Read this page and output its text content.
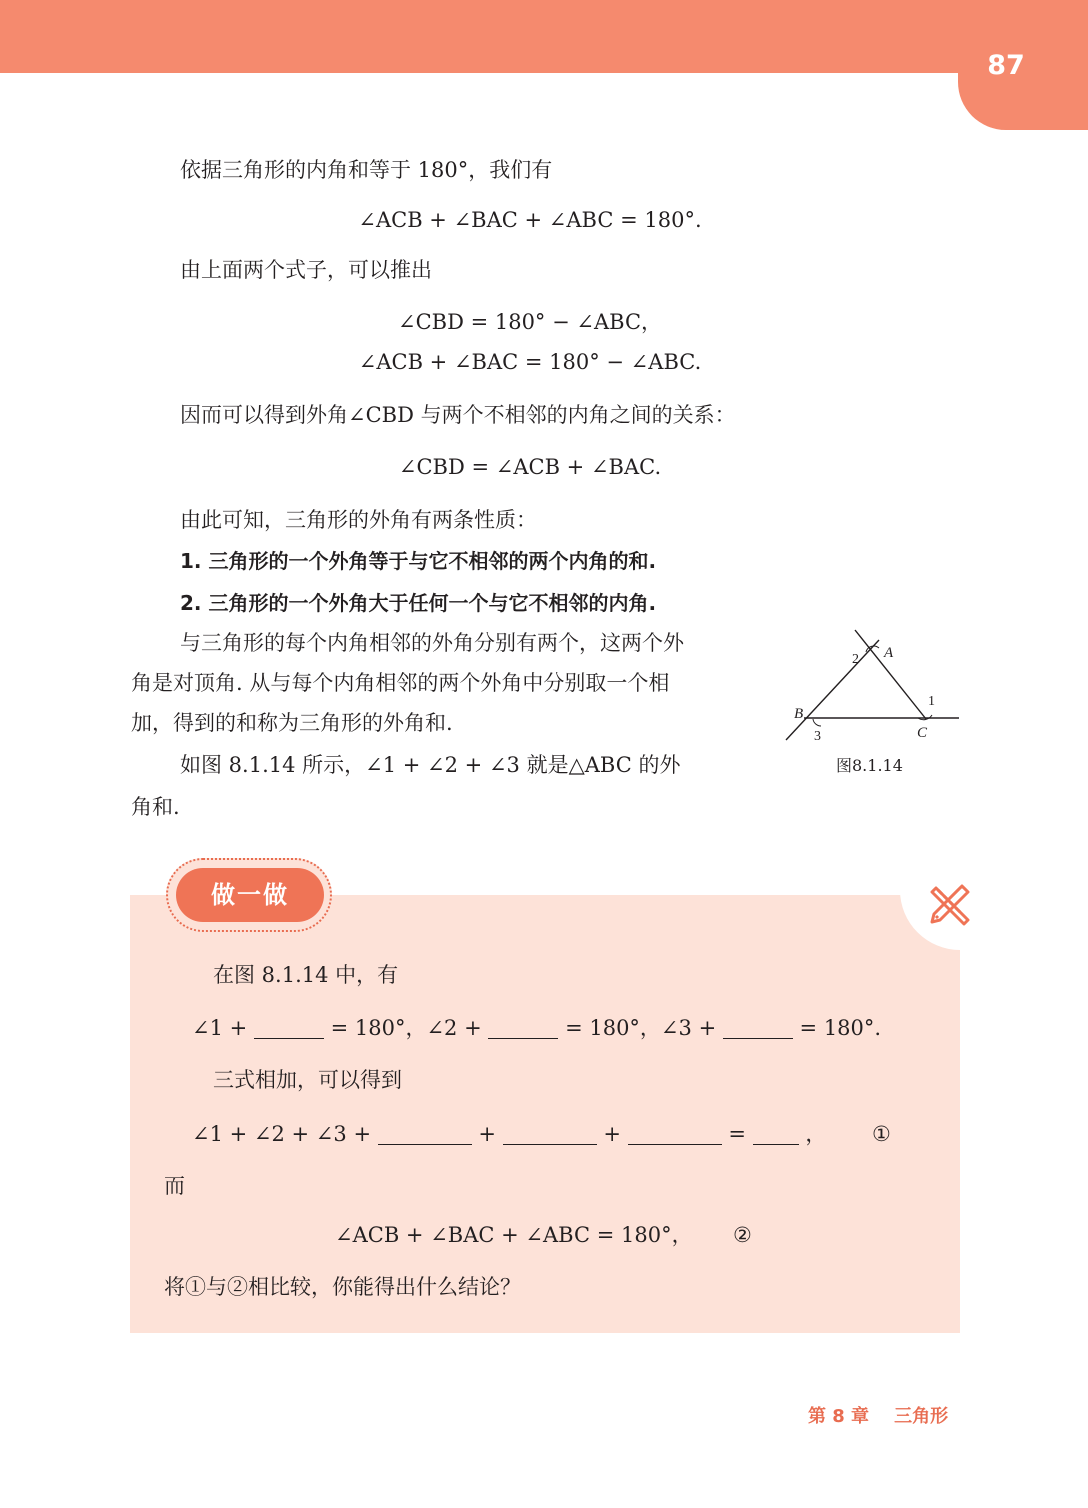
87
依据三角形的内角和等于 180°，我们有
∠ACB + ∠BAC + ∠ABC = 180°.
由上面两个式子，可以推出
∠CBD = 180° − ∠ABC，
∠ACB + ∠BAC = 180° − ∠ABC.
因而可以得到外角∠CBD 与两个不相邻的内角之间的关系：
∠CBD = ∠ACB + ∠BAC.
由此可知，三角形的外角有两条性质：
1. 三角形的一个外角等于与它不相邻的两个内角的和.
2. 三角形的一个外角大于任何一个与它不相邻的内角.
与三角形的每个内角相邻的外角分别有两个，这两个外
角是对顶角. 从与每个内角相邻的两个外角中分别取一个相
加，得到的和称为三角形的外角和.
如图 8.1.14 所示，∠1 + ∠2 + ∠3 就是△ABC 的外
角和.
A
2
1
B
3	C
图8.1.14
做一做
在图 8.1.14 中，有
∠1 +	= 180°，∠2 +	= 180°，∠3 +	= 180°.
三式相加，可以得到
∠1 + ∠2 + ∠3 +	+	+	=	， ①
而
∠ACB + ∠BAC + ∠ABC = 180°， ②
将①与②相比较，你能得出什么结论？
第 8 章 三角形
